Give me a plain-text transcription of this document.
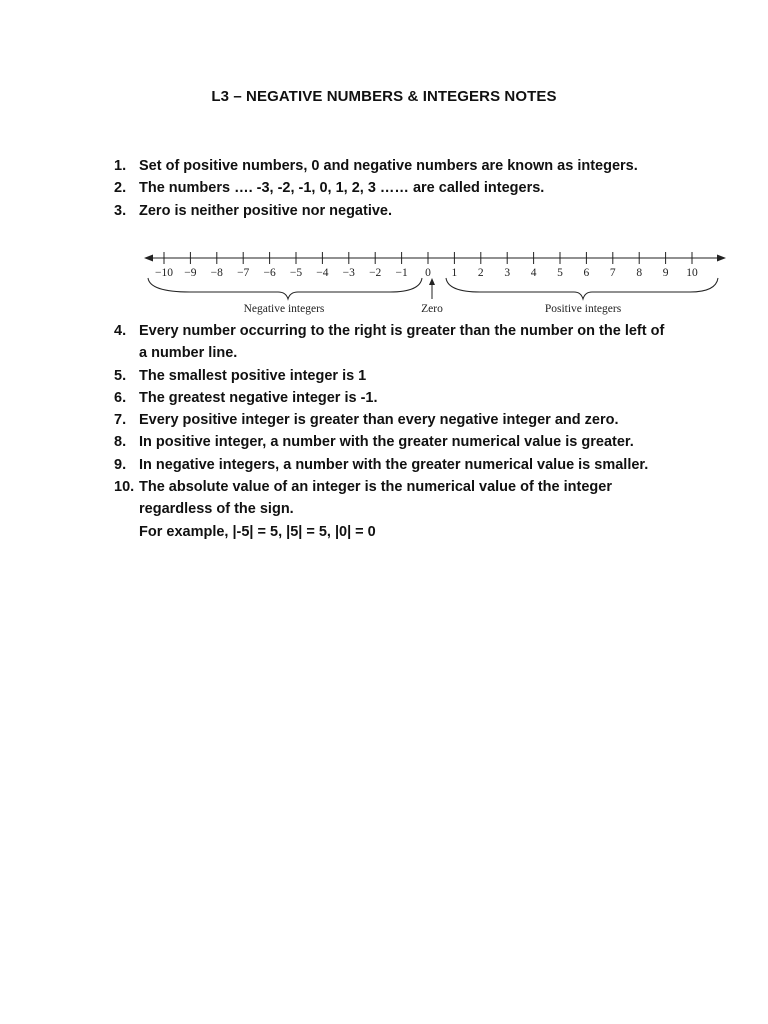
L3 – NEGATIVE NUMBERS & INTEGERS NOTES
1. Set of positive numbers, 0 and negative numbers are known as integers.
2. The numbers …. -3, -2, -1, 0, 1, 2, 3 …… are called integers.
3. Zero is neither positive nor negative.
−10 −9 −8 −7 −6 −5 −4 −3 −2 −1 0 1 2 3 4 5 6 7 8 9 10
Negative integers	Zero	Positive integers
4. Every number occurring to the right is greater than the number on the left of
a number line.
5. The smallest positive integer is 1
6. The greatest negative integer is -1.
7. Every positive integer is greater than every negative integer and zero.
8. In positive integer, a number with the greater numerical value is greater.
9. In negative integers, a number with the greater numerical value is smaller.
10. The absolute value of an integer is the numerical value of the integer
regardless of the sign.
For example, |-5| = 5, |5| = 5, |0| = 0
